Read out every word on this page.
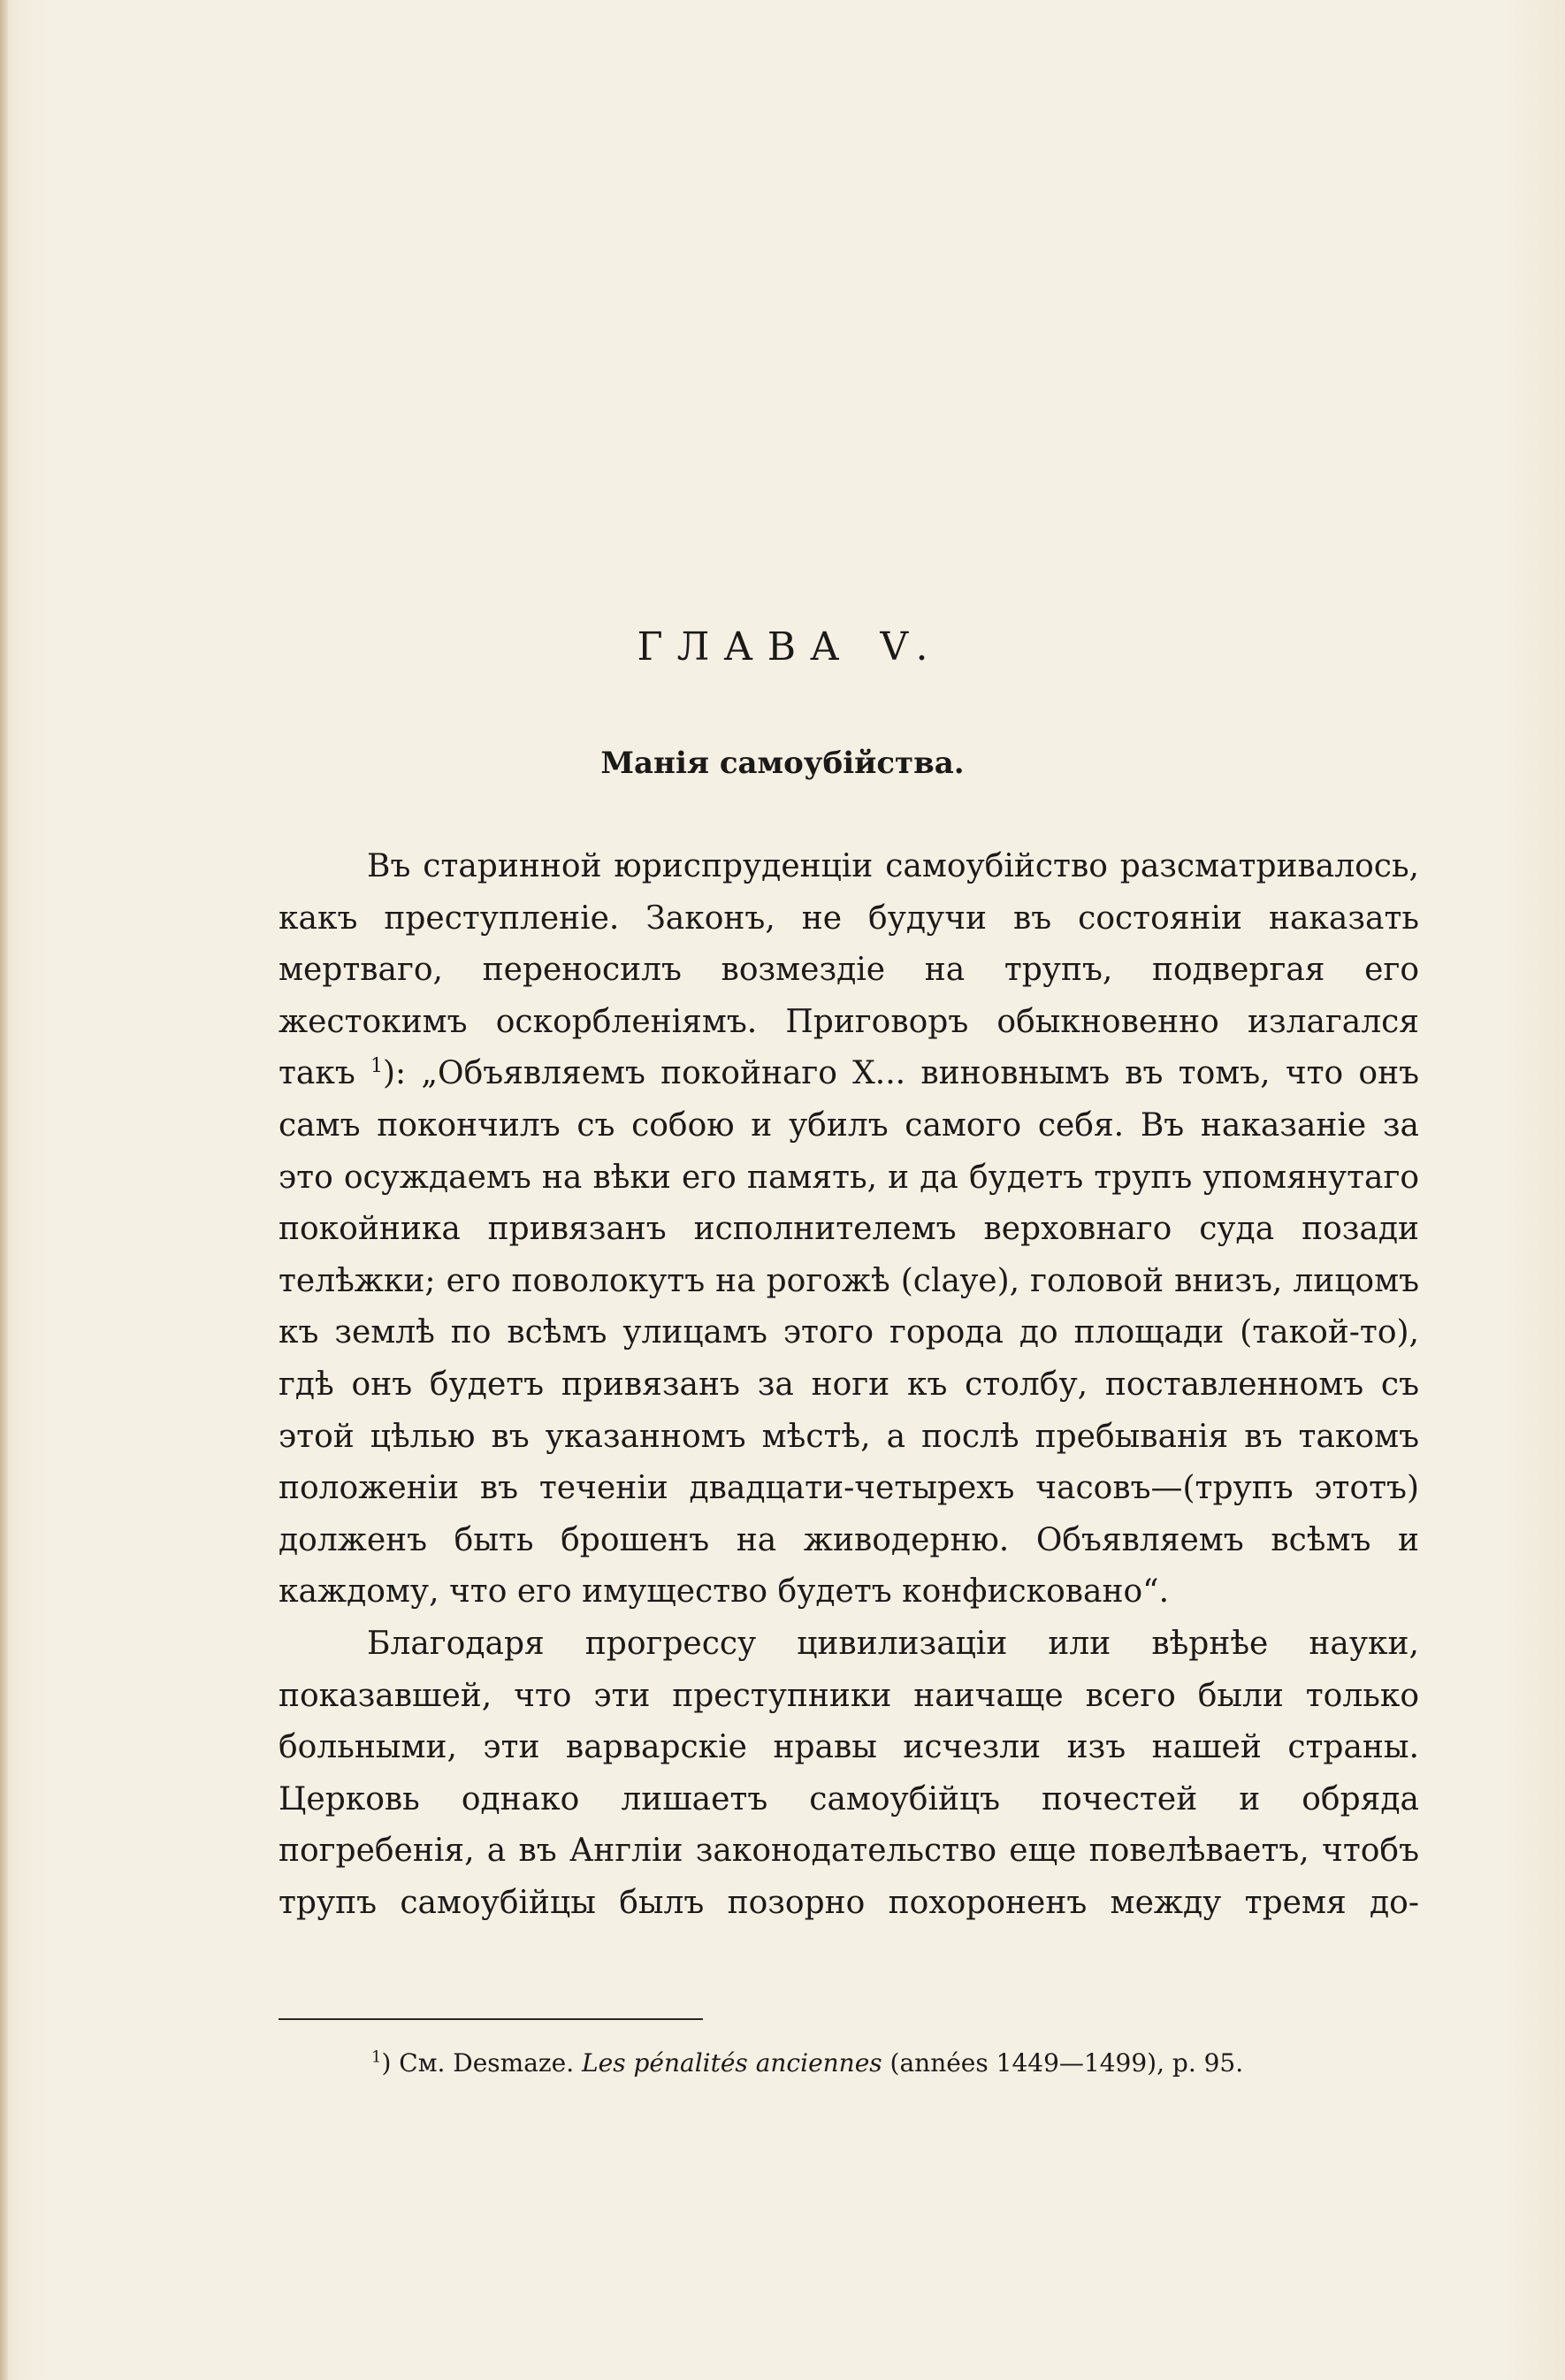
ГЛАВА V.
Манія самоубійства.

Въ старинной юриспруденціи самоубійство разсматривалось, какъ преступленіе. Законъ, не будучи въ состояніи наказать мертваго, переносилъ возмездіе на трупъ, подвергая его жестокимъ оскорбленіямъ. Приговоръ обыкновенно излагался такъ $^1$): „Объявляемъ покойнаго X... виновнымъ въ томъ, что онъ самъ покончилъ съ собою и убилъ самого себя. Въ наказаніе за это осуждаемъ на вѣки его память, и да будетъ трупъ упомянутаго покойника привязанъ исполнителемъ верховнаго суда позади телѣжки; его поволокутъ на рогожѣ (claye), головой внизъ, лицомъ къ землѣ по всѣмъ улицамъ этого города до площади (такой-то), гдѣ онъ будетъ привязанъ за ноги къ столбу, поставленномъ съ этой цѣлью въ указанномъ мѣстѣ, а послѣ пребыванія въ такомъ положеніи въ теченіи двадцати-четырехъ часовъ—(трупъ этотъ) долженъ быть брошенъ на живодерню. Объявляемъ всѣмъ и каждому, что его имущество будетъ конфисковано“.

Благодаря прогрессу цивилизаціи или вѣрнѣе науки, показавшей, что эти преступники наичаще всего были только больными, эти варварскіе нравы исчезли изъ нашей страны. Церковь однако лишаетъ самоубійцъ почестей и обряда погребенія, а въ Англіи законодательство еще повелѣваетъ, чтобъ трупъ самоубійцы былъ позорно похороненъ между тремя до-

$^1$) См. Desmaze. Les pénalités anciennes (années 1449—1499), p. 95.
